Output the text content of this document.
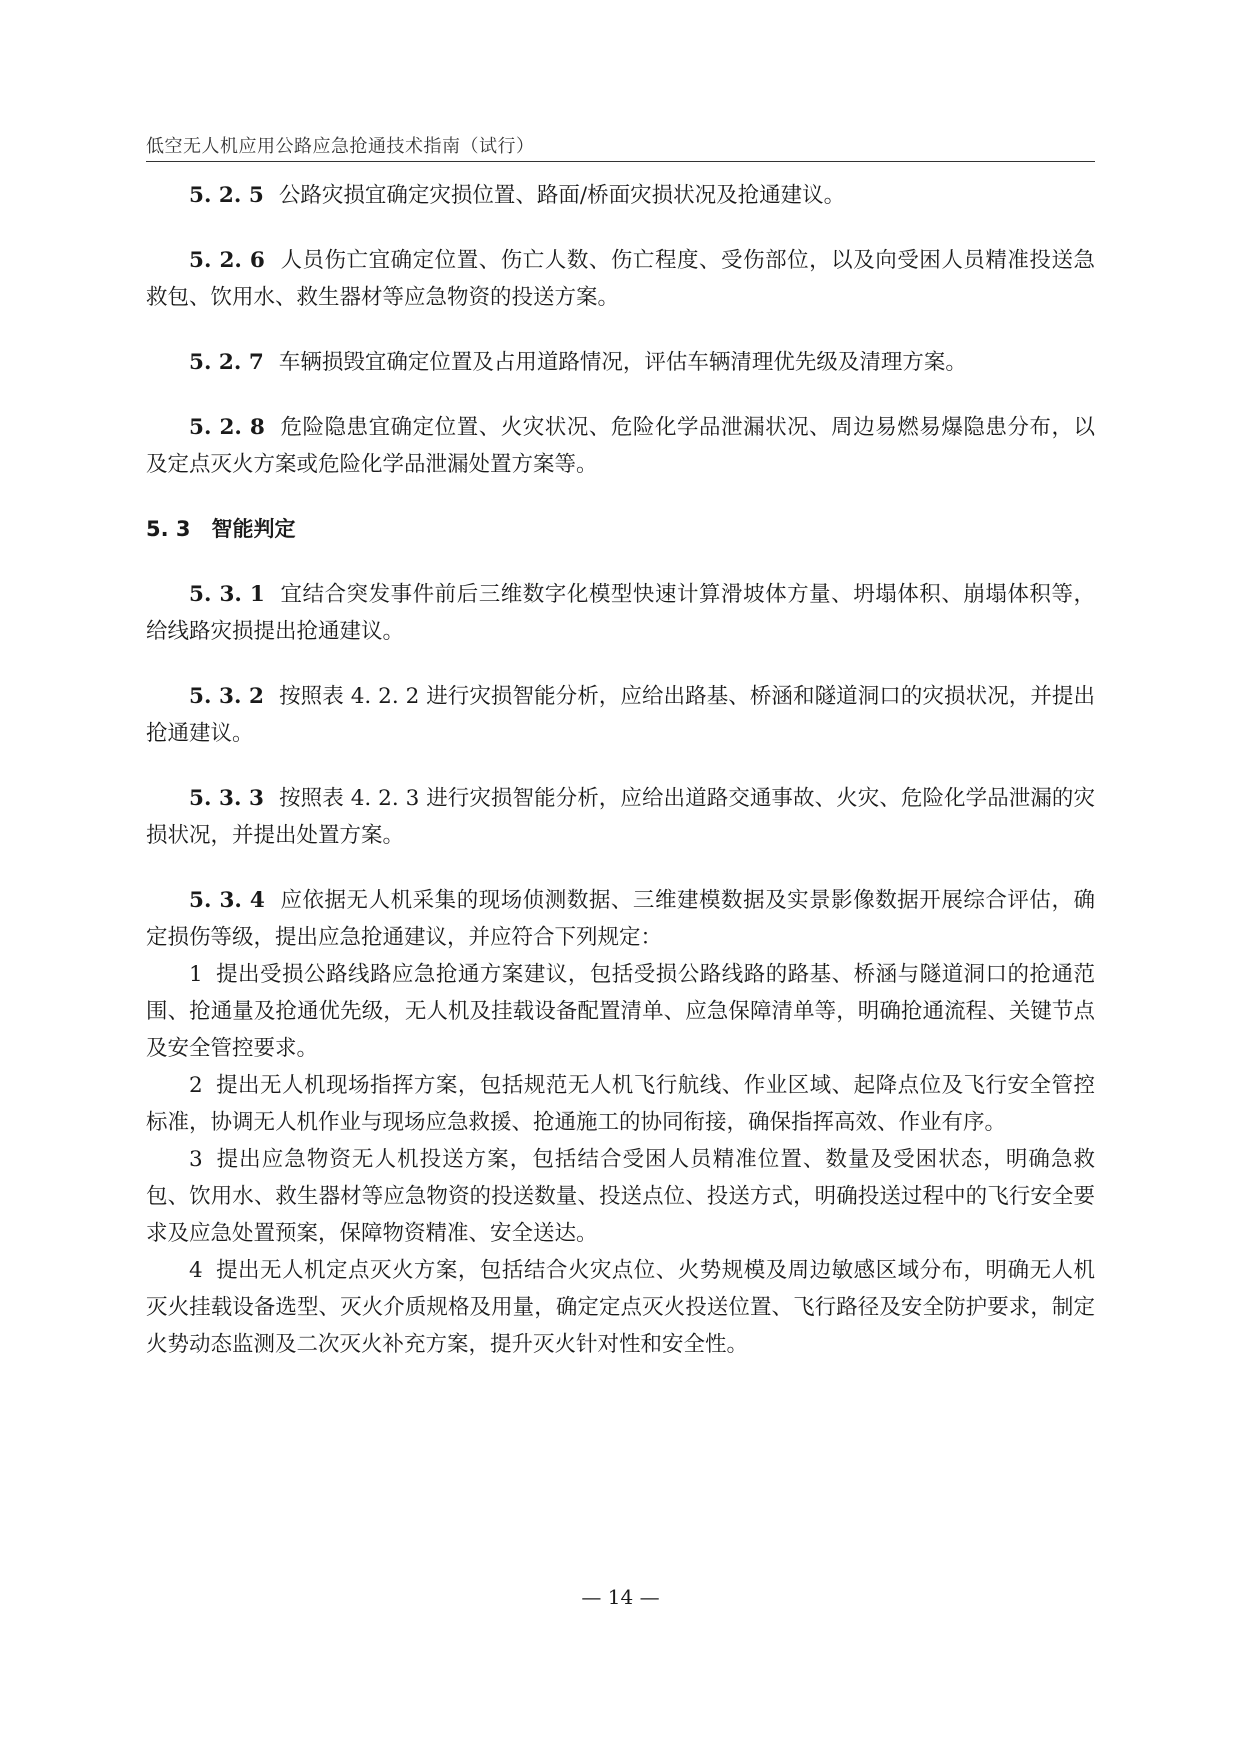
低空无人机应用公路应急抢通技术指南（试行）

5. 2. 5 公路灾损宜确定灾损位置、路面/桥面灾损状况及抢通建议。

5. 2. 6 人员伤亡宜确定位置、伤亡人数、伤亡程度、受伤部位，以及向受困人员精准投送急救包、饮用水、救生器材等应急物资的投送方案。

5. 2. 7 车辆损毁宜确定位置及占用道路情况，评估车辆清理优先级及清理方案。

5. 2. 8 危险隐患宜确定位置、火灾状况、危险化学品泄漏状况、周边易燃易爆隐患分布，以及定点灭火方案或危险化学品泄漏处置方案等。

5. 3 智能判定

5. 3. 1 宜结合突发事件前后三维数字化模型快速计算滑坡体方量、坍塌体积、崩塌体积等，给线路灾损提出抢通建议。

5. 3. 2 按照表 4. 2. 2 进行灾损智能分析，应给出路基、桥涵和隧道洞口的灾损状况，并提出抢通建议。

5. 3. 3 按照表 4. 2. 3 进行灾损智能分析，应给出道路交通事故、火灾、危险化学品泄漏的灾损状况，并提出处置方案。

5. 3. 4 应依据无人机采集的现场侦测数据、三维建模数据及实景影像数据开展综合评估，确定损伤等级，提出应急抢通建议，并应符合下列规定：

1 提出受损公路线路应急抢通方案建议，包括受损公路线路的路基、桥涵与隧道洞口的抢通范围、抢通量及抢通优先级，无人机及挂载设备配置清单、应急保障清单等，明确抢通流程、关键节点及安全管控要求。

2 提出无人机现场指挥方案，包括规范无人机飞行航线、作业区域、起降点位及飞行安全管控标准，协调无人机作业与现场应急救援、抢通施工的协同衔接，确保指挥高效、作业有序。

3 提出应急物资无人机投送方案，包括结合受困人员精准位置、数量及受困状态，明确急救包、饮用水、救生器材等应急物资的投送数量、投送点位、投送方式，明确投送过程中的飞行安全要求及应急处置预案，保障物资精准、安全送达。

4 提出无人机定点灭火方案，包括结合火灾点位、火势规模及周边敏感区域分布，明确无人机灭火挂载设备选型、灭火介质规格及用量，确定定点灭火投送位置、飞行路径及安全防护要求，制定火势动态监测及二次灭火补充方案，提升灭火针对性和安全性。

— 14 —
